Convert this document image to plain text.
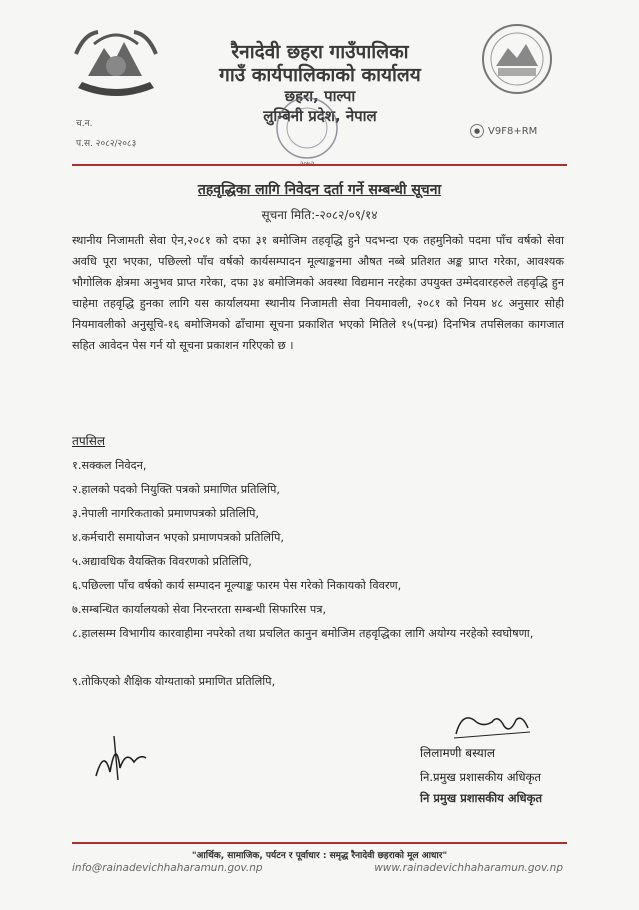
रैनादेवी छहरा गाउँपालिका
गाउँ कार्यपालिकाको कार्यालय
छहरा, पाल्पा
लुम्बिनी प्रदेश, नेपाल
च.न.
प.स. २०८२/२०८३
● V9F8+RM
तहवृद्धिका लागि निवेदन दर्ता गर्ने सम्बन्धी सूचना
सूचना मिति:-२०८२/०९/१४
स्थानीय निजामती सेवा ऐन,२०८१ को दफा ३१ बमोजिम तहवृद्धि हुने पदभन्दा एक तहमुनिको पदमा पाँच वर्षको सेवा अवधि पूरा भएका, पछिल्लो पाँच वर्षको कार्यसम्पादन मूल्याङ्कनमा औषत नब्बे प्रतिशत अङ्क प्राप्त गरेका, आवश्यक भौगोलिक क्षेत्रमा अनुभव प्राप्त गरेका, दफा ३४ बमोजिमको अवस्था विद्यमान नरहेका उपयुक्त उम्मेदवारहरुले तहवृद्धि हुन चाहेमा तहवृद्धि हुनका लागि यस कार्यालयमा स्थानीय निजामती सेवा नियमावली, २०८१ को नियम ४८ अनुसार सोही नियमावलीको अनुसूचि-१६ बमोजिमको ढाँचामा सूचना प्रकाशित भएको मितिले १५(पन्ध्र) दिनभित्र तपसिलका कागजात सहित आवेदन पेस गर्न यो सूचना प्रकाशन गरिएको छ ।
तपसिल
१.सक्कल निवेदन,
२.हालको पदको नियुक्ति पत्रको प्रमाणित प्रतिलिपि,
३.नेपाली नागरिकताको प्रमाणपत्रको प्रतिलिपि,
४.कर्मचारी समायोजन भएको प्रमाणपत्रको प्रतिलिपि,
५.अद्यावधिक वैयक्तिक विवरणको प्रतिलिपि,
६.पछिल्ला पाँच वर्षको कार्य सम्पादन मूल्याङ्क फारम पेस गरेको निकायको विवरण,
७.सम्बन्धित कार्यालयको सेवा निरन्तरता सम्बन्धी सिफारिस पत्र,
८.हालसम्म विभागीय कारवाहीमा नपरेको तथा प्रचलित कानुन बमोजिम तहवृद्धिका लागि अयोग्य नरहेको स्वघोषणा,
९.तोकिएको शैक्षिक योग्यताको प्रमाणित प्रतिलिपि,
लिलामणी बस्याल
नि.प्रमुख प्रशासकीय अधिकृत
नि प्रमुख प्रशासकीय अधिकृत
"आर्थिक, सामाजिक, पर्यटन र पूर्वाधार : समृद्ध रैनादेवी छहराको मूल आधार"
info@rainadevichhaharamun.gov.np	www.rainadevichhaharamun.gov.np
